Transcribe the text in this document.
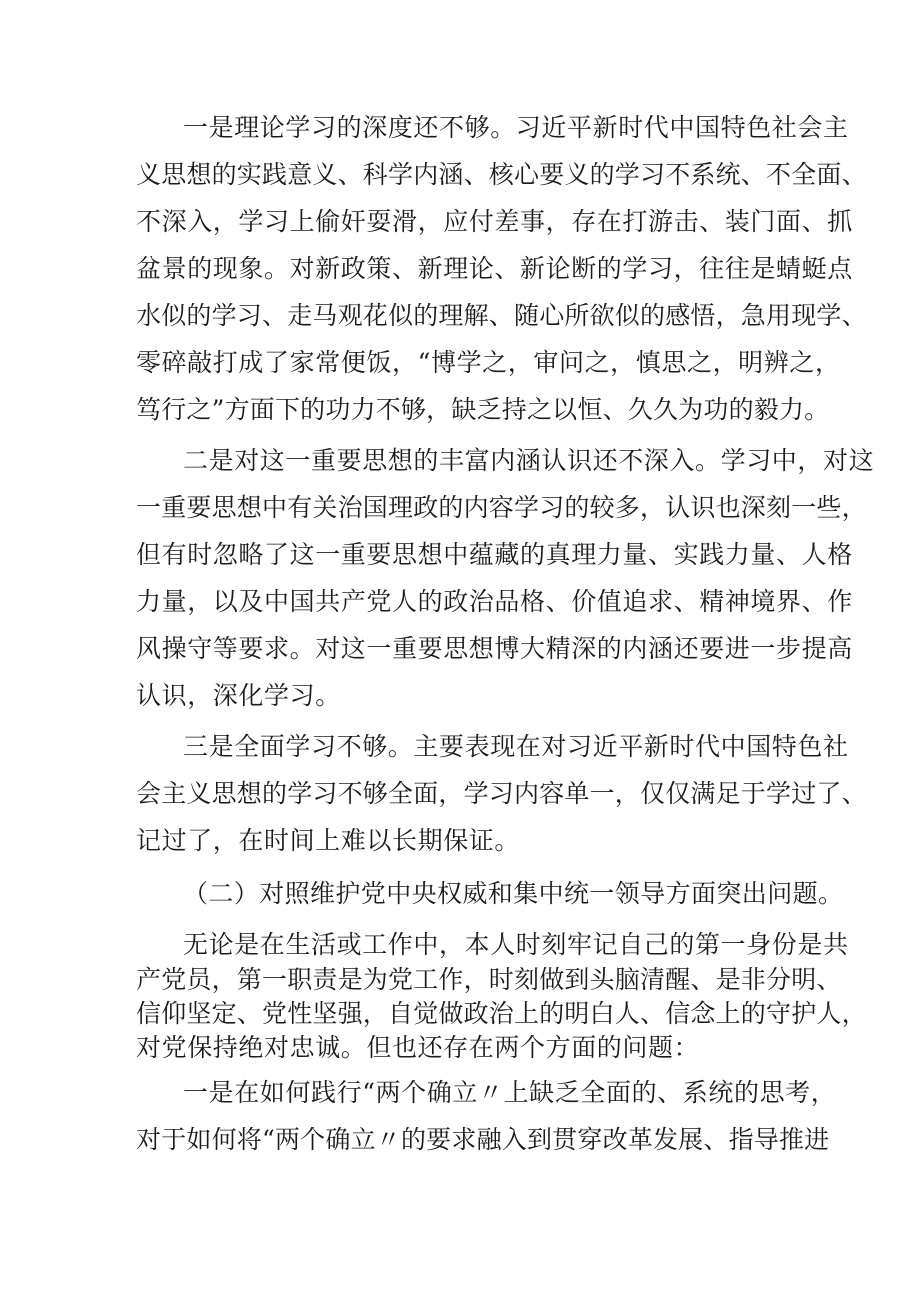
一是理论学习的深度还不够。习近平新时代中国特色社会主

义思想的实践意义、科学内涵、核心要义的学习不系统、不全面、

不深入，学习上偷奸耍滑，应付差事，存在打游击、装门面、抓

盆景的现象。对新政策、新理论、新论断的学习，往往是蜻蜓点

水似的学习、走马观花似的理解、随心所欲似的感悟，急用现学、

零碎敲打成了家常便饭，“博学之，审问之，慎思之，明辨之，

笃行之”方面下的功力不够，缺乏持之以恒、久久为功的毅力。

二是对这一重要思想的丰富内涵认识还不深入。学习中，对这

一重要思想中有关治国理政的内容学习的较多，认识也深刻一些，

但有时忽略了这一重要思想中蕴藏的真理力量、实践力量、人格

力量，以及中国共产党人的政治品格、价值追求、精神境界、作

风操守等要求。对这一重要思想博大精深的内涵还要进一步提高

认识，深化学习。

三是全面学习不够。主要表现在对习近平新时代中国特色社

会主义思想的学习不够全面，学习内容单一，仅仅满足于学过了、

记过了，在时间上难以长期保证。

（二）对照维护党中央权威和集中统一领导方面突出问题。

无论是在生活或工作中，本人时刻牢记自己的第一身份是共

产党员，第一职责是为党工作，时刻做到头脑清醒、是非分明、

信仰坚定、党性坚强，自觉做政治上的明白人、信念上的守护人，

对党保持绝对忠诚。但也还存在两个方面的问题：

一是在如何践行“两个确立〃上缺乏全面的、系统的思考，

对于如何将“两个确立〃的要求融入到贯穿改革发展、指导推进
